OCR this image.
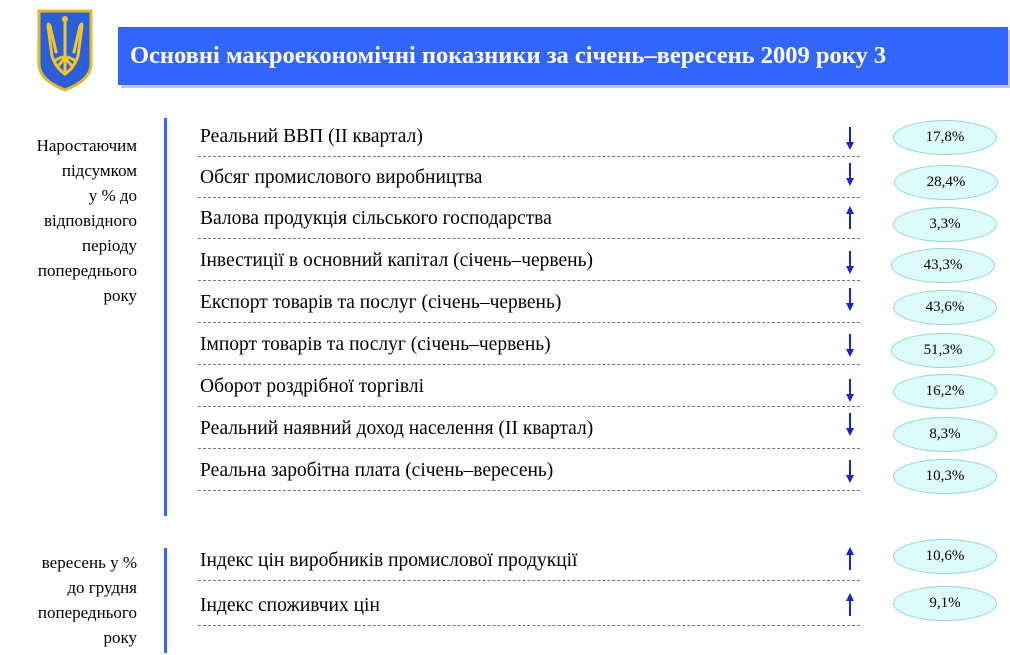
Основні макроекономічні показники за січень–вересень 2009 року 3
Наростаючим
підсумком
у % до
відповідного
періоду
попереднього
року
вересень у %
до грудня
попереднього
року
Реальний ВВП (ІІ квартал)
Обсяг промислового виробництва
Валова продукція сільського господарства
Інвестиції в основний капітал (січень–червень)
Експорт товарів та послуг (січень–червень)
Імпорт товарів та послуг (січень–червень)
Оборот роздрібної торгівлі
Реальний наявний доход населення (ІІ квартал)
Реальна заробітна плата (січень–вересень)
Індекс цін виробників промислової продукції
Індекс споживчих цін
17,8%
28,4%
3,3%
43,3%
43,6%
51,3%
16,2%
8,3%
10,3%
10,6%
9,1%
